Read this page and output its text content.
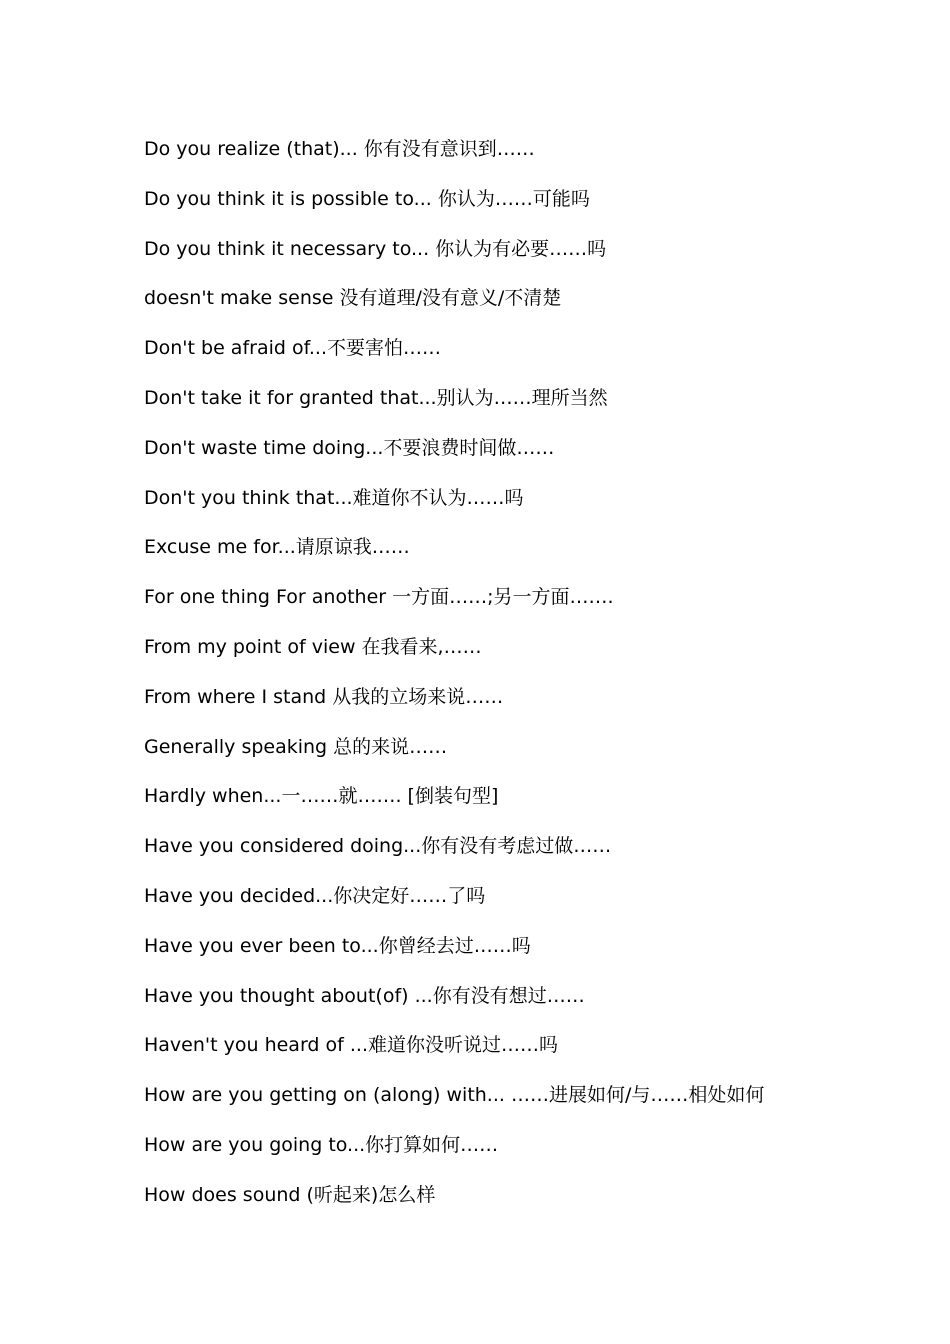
Do you realize (that)... 你有没有意识到……
Do you think it is possible to... 你认为……可能吗
Do you think it necessary to... 你认为有必要……吗
doesn't make sense 没有道理/没有意义/不清楚
Don't be afraid of...不要害怕……
Don't take it for granted that...别认为……理所当然
Don't waste time doing...不要浪费时间做……
Don't you think that...难道你不认为……吗
Excuse me for...请原谅我……
For one thing For another 一方面……;另一方面…….
From my point of view 在我看来,……
From where I stand 从我的立场来说……
Generally speaking 总的来说……
Hardly when...一……就……. [倒装句型]
Have you considered doing...你有没有考虑过做……
Have you decided...你决定好……了吗
Have you ever been to...你曾经去过……吗
Have you thought about(of) ...你有没有想过……
Haven't you heard of ...难道你没听说过……吗
How are you getting on (along) with... ……进展如何/与……相处如何
How are you going to...你打算如何……
How does sound (听起来)怎么样
